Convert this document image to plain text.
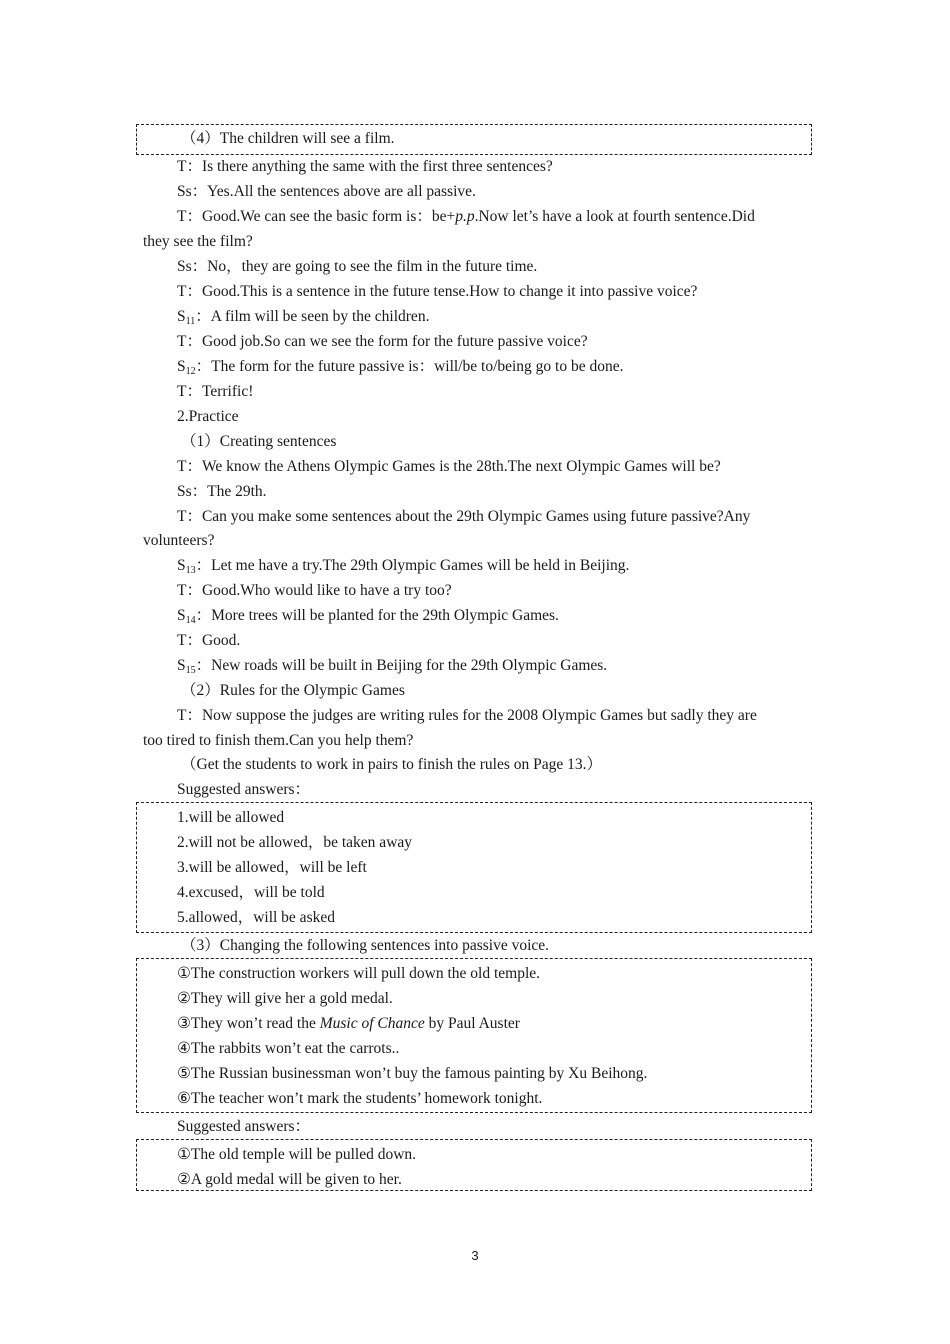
（4）The children will see a film.
T：Is there anything the same with the first three sentences?
Ss：Yes.All the sentences above are all passive.
T：Good.We can see the basic form is：be+p.p.Now let’s have a look at fourth sentence.Did
they see the film?
Ss：No，they are going to see the film in the future time.
T：Good.This is a sentence in the future tense.How to change it into passive voice?
$S_{11}$：A film will be seen by the children.
T：Good job.So can we see the form for the future passive voice?
$S_{12}$：The form for the future passive is：will/be to/being go to be done.
T：Terrific!
2.Practice
（1）Creating sentences
T：We know the Athens Olympic Games is the 28th.The next Olympic Games will be?
Ss：The 29th.
T：Can you make some sentences about the 29th Olympic Games using future passive?Any
volunteers?
$S_{13}$：Let me have a try.The 29th Olympic Games will be held in Beijing.
T：Good.Who would like to have a try too?
$S_{14}$：More trees will be planted for the 29th Olympic Games.
T：Good.
$S_{15}$：New roads will be built in Beijing for the 29th Olympic Games.
（2）Rules for the Olympic Games
T：Now suppose the judges are writing rules for the 2008 Olympic Games but sadly they are
too tired to finish them.Can you help them?
（Get the students to work in pairs to finish the rules on Page 13.）
Suggested answers：
1.will be allowed
2.will not be allowed，be taken away
3.will be allowed，will be left
4.excused，will be told
5.allowed，will be asked
（3）Changing the following sentences into passive voice.
①The construction workers will pull down the old temple.
②They will give her a gold medal.
③They won’t read the Music of Chance by Paul Auster
④The rabbits won’t eat the carrots..
⑤The Russian businessman won’t buy the famous painting by Xu Beihong.
⑥The teacher won’t mark the students’ homework tonight.
Suggested answers：
①The old temple will be pulled down.
②A gold medal will be given to her.
3
